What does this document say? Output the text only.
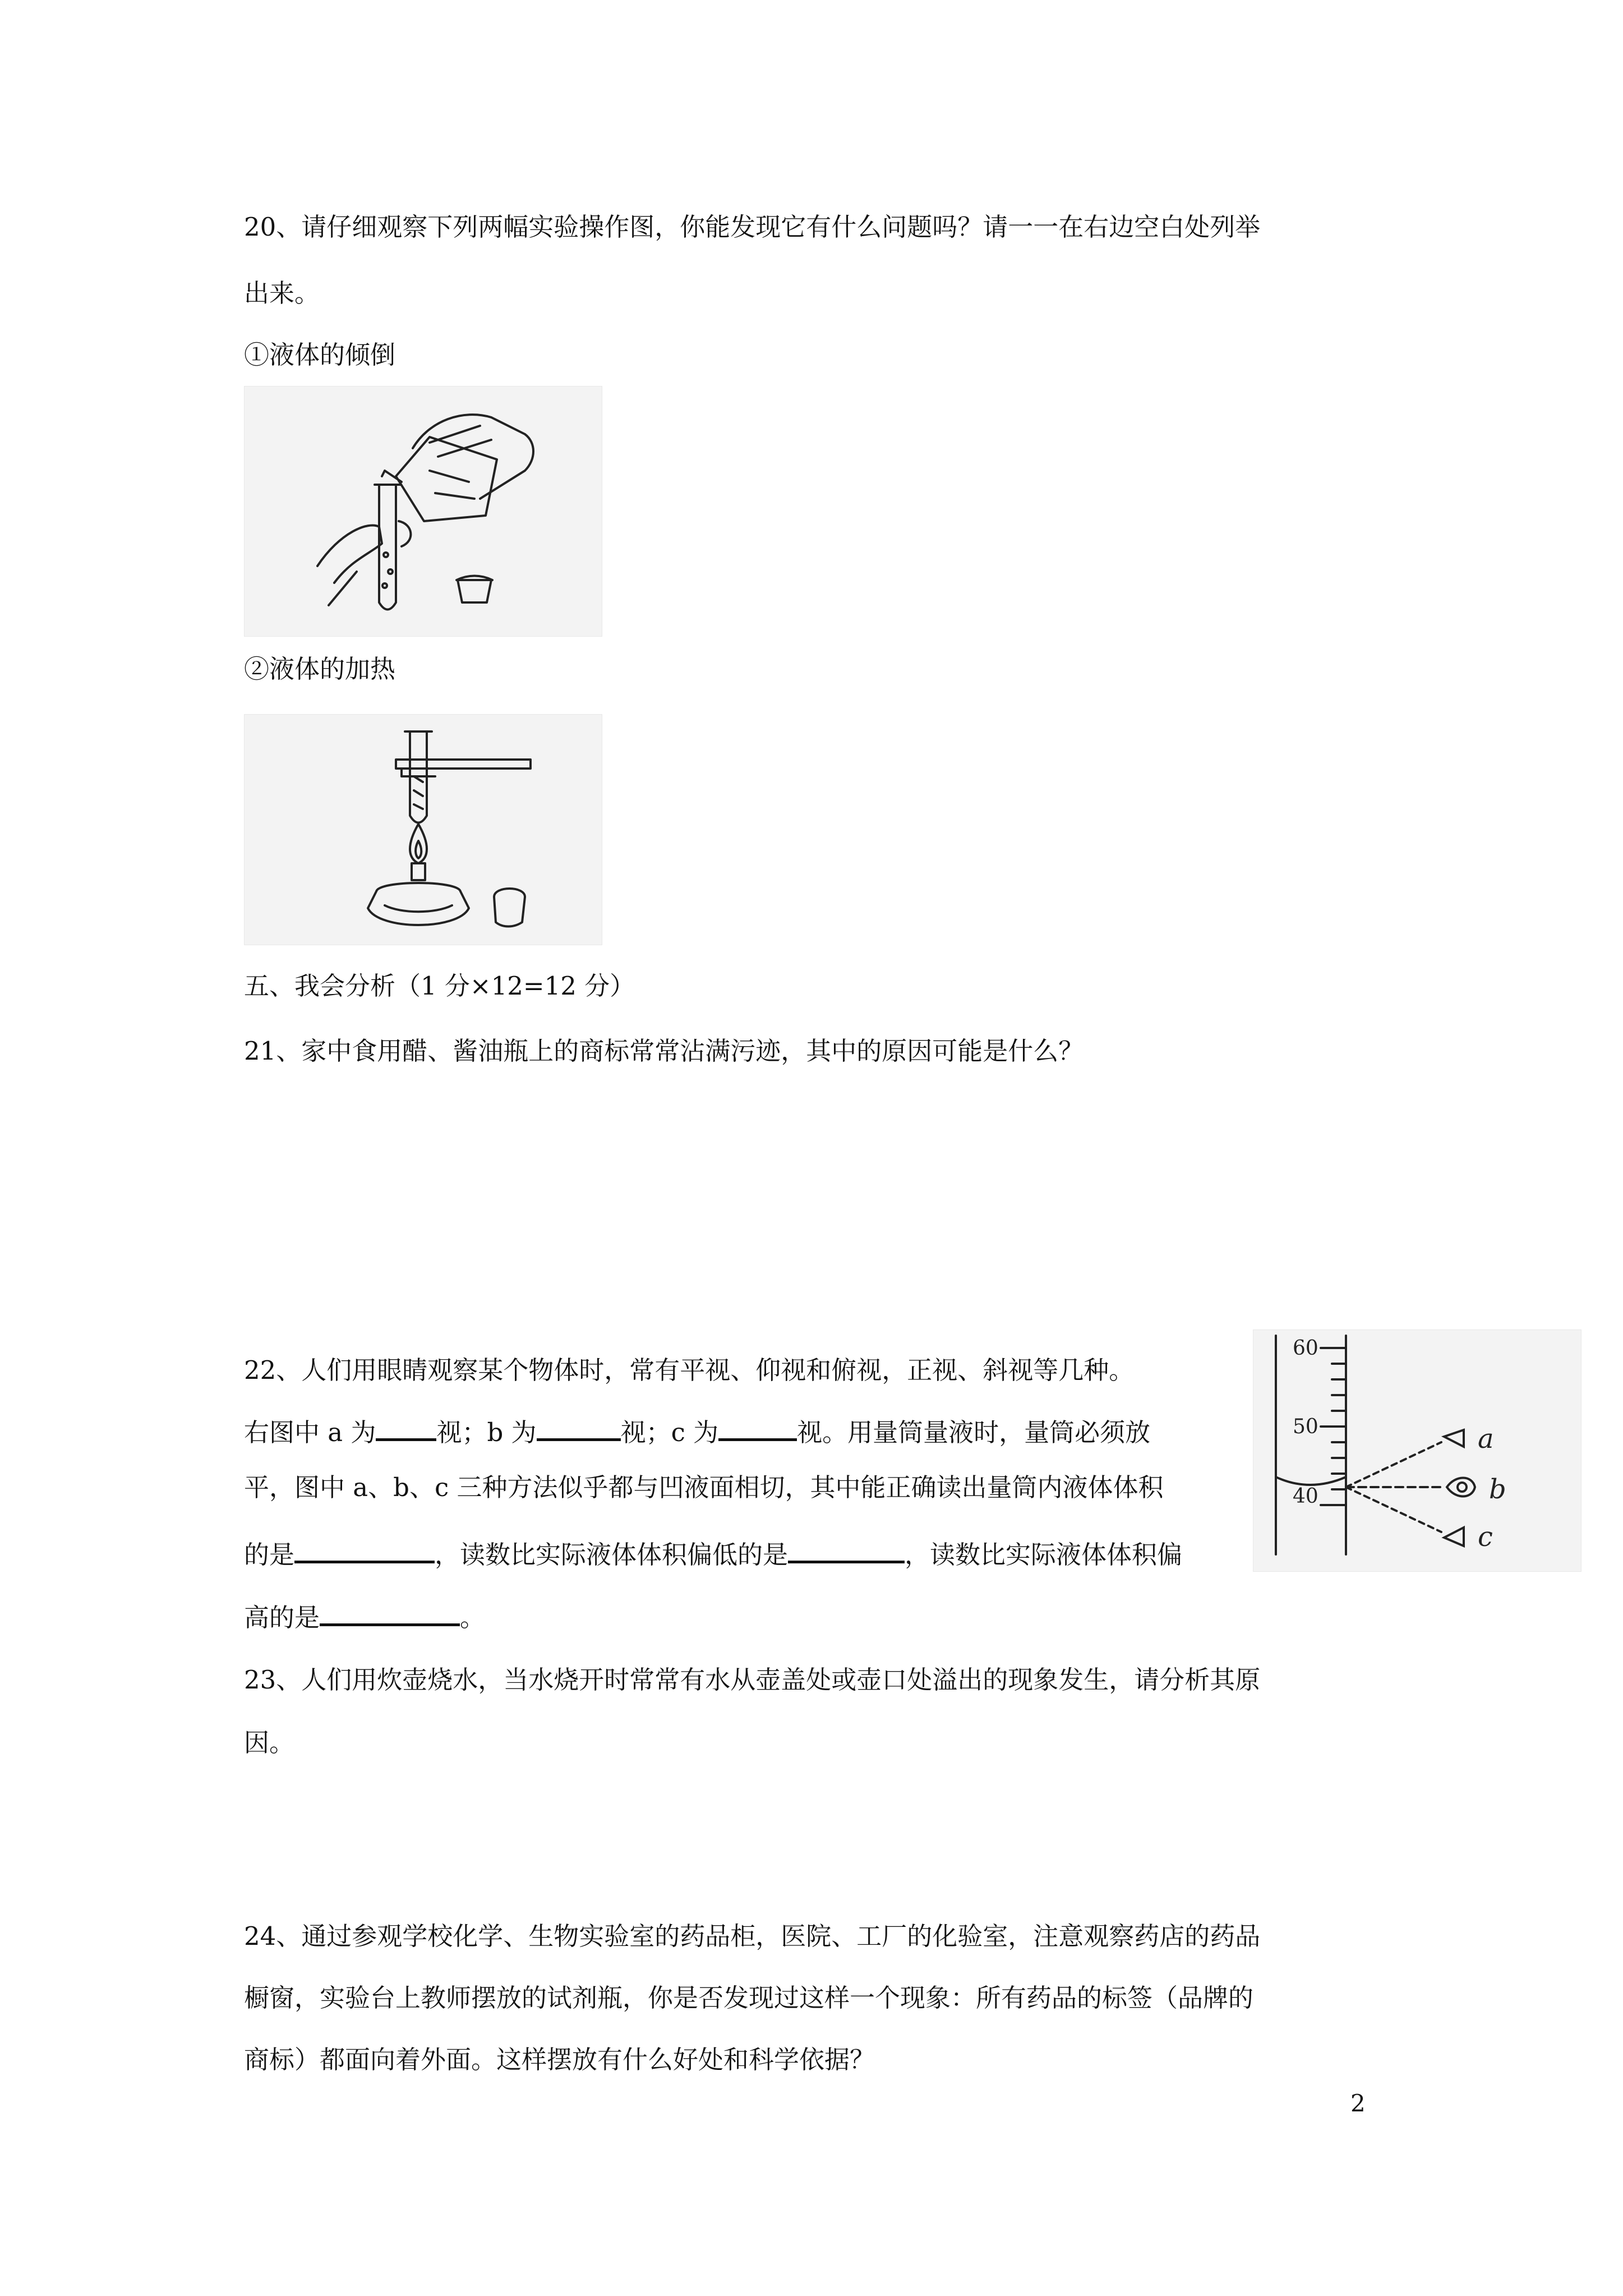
20、请仔细观察下列两幅实验操作图，你能发现它有什么问题吗？请一一在右边空白处列举
出来。
①液体的倾倒
②液体的加热
五、我会分析（1 分×12=12 分）
21、家中食用醋、酱油瓶上的商标常常沾满污迹，其中的原因可能是什么？
22、人们用眼睛观察某个物体时，常有平视、仰视和俯视，正视、斜视等几种。
右图中 a 为 视；b 为	视；c 为	视。用量筒量液时，量筒必须放
平，图中 a、b、c 三种方法似乎都与凹液面相切，其中能正确读出量筒内液体体积
的是	，读数比实际液体体积偏低的是	，读数比实际液体体积偏
高的是	。
60
50
40
a
b
c
23、人们用炊壶烧水，当水烧开时常常有水从壶盖处或壶口处溢出的现象发生，请分析其原
因。
24、通过参观学校化学、生物实验室的药品柜，医院、工厂的化验室，注意观察药店的药品
橱窗，实验台上教师摆放的试剂瓶，你是否发现过这样一个现象：所有药品的标签（品牌的
商标）都面向着外面。这样摆放有什么好处和科学依据？
2
